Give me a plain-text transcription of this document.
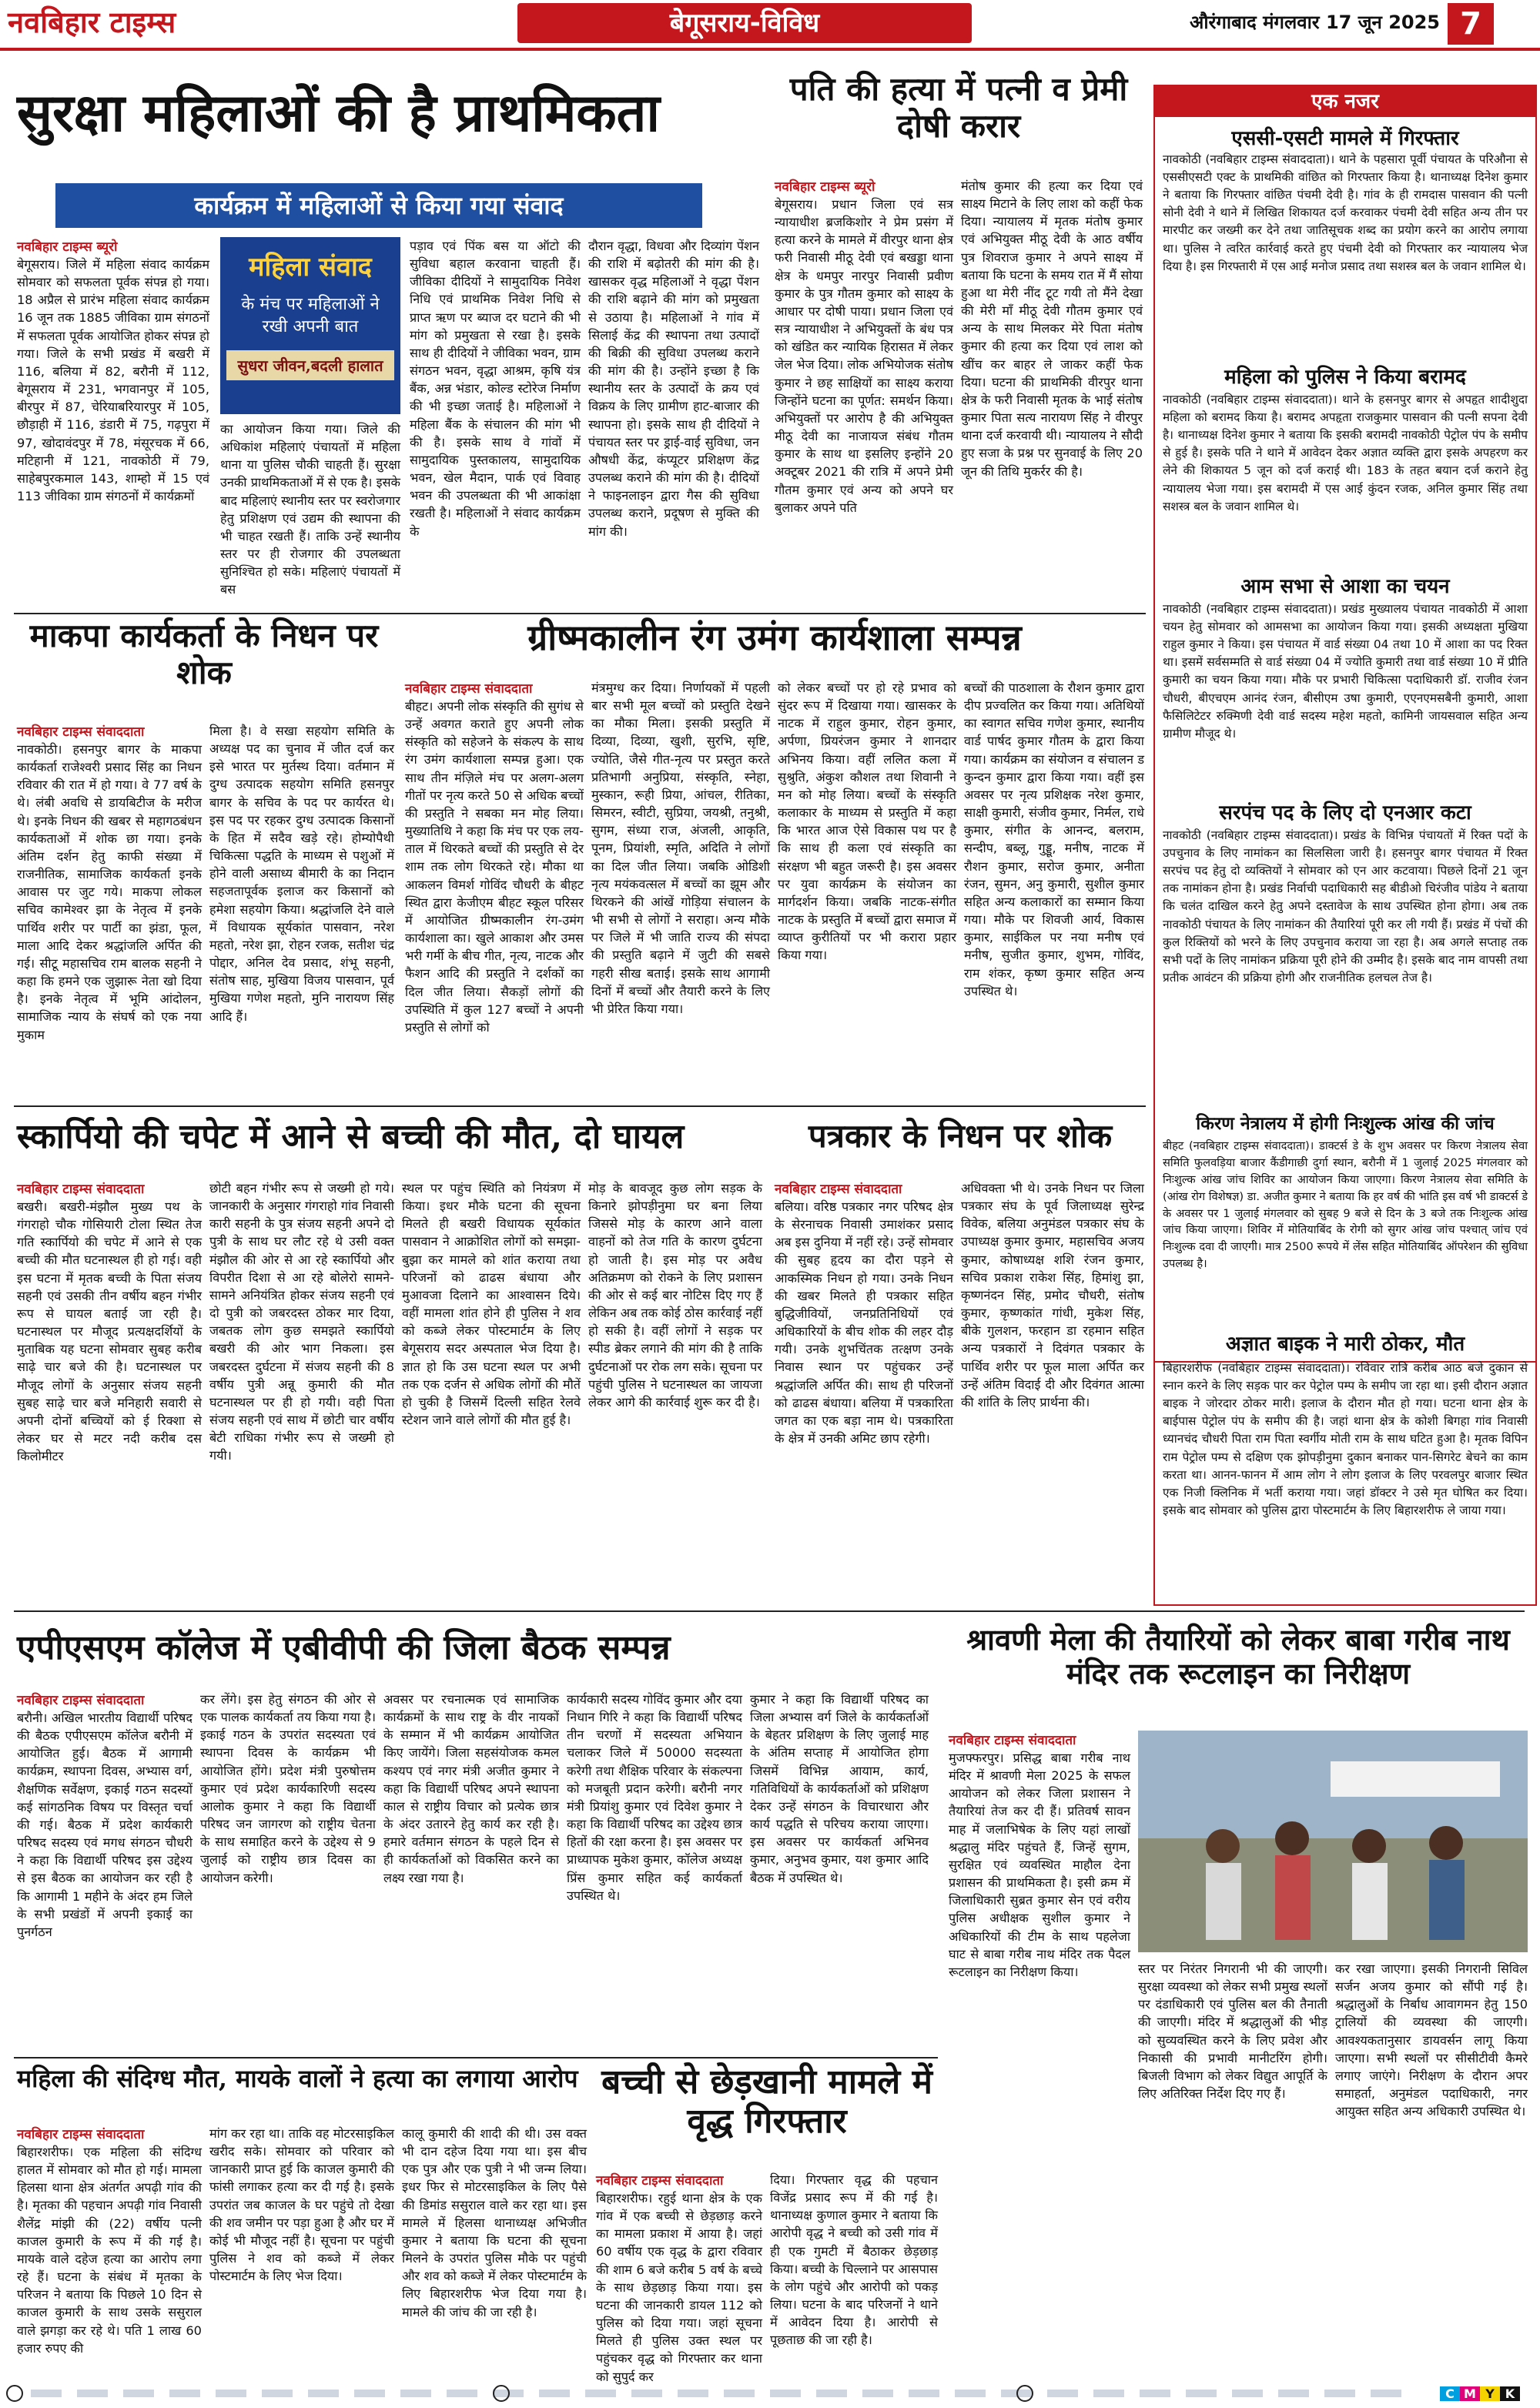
नवबिहार टाइम्स	बेगूसराय-विविध	औरंगाबाद मंगलवार 17 जून 2025 7
सुरक्षा महिलाओं की है प्राथमिकता
कार्यक्रम में महिलाओं से किया गया संवाद
नवबिहार टाइम्स ब्यूरो
बेगूसराय। जिले में महिला संवाद कार्यक्रम सोमवार को सफलता पूर्वक संपन्न हो गया। 18 अप्रैल से प्रारंभ महिला संवाद कार्यक्रम 16 जून तक 1885 जीविका ग्राम संगठनों में सफलता पूर्वक आयोजित होकर संपन्न हो गया। जिले के सभी प्रखंड में बखरी में 116, बलिया में 82, बरौनी में 112, बेगूसराय में 231, भगवानपुर में 105, बीरपुर में 87, चेरियाबरियारपुर में 105, छौड़ाही में 116, डंडारी में 75, गढ़पुरा में 97, खोदावंदपुर में 78, मंसूरचक में 66, मटिहानी में 121, नावकोठी में 79, साहेबपुरकमाल 143, शाम्हो में 15 एवं 113 जीविका ग्राम संगठनों में कार्यक्रमों
महिला संवाद
के मंच पर महिलाओं ने रखी अपनी बात
सुधरा जीवन,बदली हालात
का आयोजन किया गया। जिले की अधिकांश महिलाएं पंचायतों में महिला थाना या पुलिस चौकी चाहती हैं। सुरक्षा उनकी प्राथमिकताओं में से एक है। इसके बाद महिलाएं स्थानीय स्तर पर स्वरोजगार हेतु प्रशिक्षण एवं उद्यम की स्थापना की भी चाहत रखती हैं। ताकि उन्हें स्थानीय स्तर पर ही रोजगार की उपलब्धता सुनिश्चित हो सके। महिलाएं पंचायतों में बस
पड़ाव एवं पिंक बस या ऑटो की सुविधा बहाल करवाना चाहती हैं। जीविका दीदियों ने सामुदायिक निवेश निधि एवं प्राथमिक निवेश निधि से प्राप्त ऋण पर ब्याज दर घटाने की भी मांग को प्रमुखता से रखा है। इसके साथ ही दीदियों ने जीविका भवन, ग्राम संगठन भवन, वृद्धा आश्रम, कृषि यंत्र बैंक, अन्न भंडार, कोल्ड स्टोरेज निर्माण की भी इच्छा जताई है। महिलाओं ने महिला बैंक के संचालन की मांग भी की है। इसके साथ वे गांवों में सामुदायिक पुस्तकालय, सामुदायिक भवन, खेल मैदान, पार्क एवं विवाह भवन की उपलब्धता की भी आकांक्षा रखती है। महिलाओं ने संवाद कार्यक्रम के
दौरान वृद्धा, विधवा और दिव्यांग पेंशन की राशि में बढ़ोतरी की मांग की है। खासकर वृद्ध महिलाओं ने वृद्धा पेंशन की राशि बढ़ाने की मांग को प्रमुखता से उठाया है। महिलाओं ने गांव में सिलाई केंद्र की स्थापना तथा उत्पादों की बिक्री की सुविधा उपलब्ध कराने की मांग की है। उन्होंने इच्छा है कि स्थानीय स्तर के उत्पादों के क्रय एवं विक्रय के लिए ग्रामीण हाट-बाजार की स्थापना हो। इसके साथ ही दीदियों ने पंचायत स्तर पर ड्राई-वाई सुविधा, जन औषधी केंद्र, कंप्यूटर प्रशिक्षण केंद्र उपलब्ध कराने की मांग की है। दीदियों ने फाइनलाइन द्वारा गैस की सुविधा उपलब्ध कराने, प्रदूषण से मुक्ति की मांग की।
पति की हत्या में पत्नी व प्रेमी दोषी करार
नवबिहार टाइम्स ब्यूरो
बेगूसराय। प्रधान जिला एवं सत्र न्यायाधीश ब्रजकिशोर ने प्रेम प्रसंग में हत्या करने के मामले में वीरपुर थाना क्षेत्र फरी निवासी मीठू देवी एवं बखड्डा थाना क्षेत्र के धमपुर नारपुर निवासी प्रवीण कुमार के पुत्र गौतम कुमार को साक्ष्य के आधार पर दोषी पाया। प्रधान जिला एवं सत्र न्यायाधीश ने अभियुक्तों के बंध पत्र को खंडित कर न्यायिक हिरासत में लेकर जेल भेज दिया। लोक अभियोजक संतोष कुमार ने छह साक्षियों का साक्ष्य कराया जिन्होंने घटना का पूर्णत: समर्थन किया। अभियुक्तों पर आरोप है की अभियुक्त मीठू देवी का नाजायज संबंध गौतम कुमार के साथ था इसलिए इन्होंने 20 अक्टूबर 2021 की रात्रि में अपने प्रेमी गौतम कुमार एवं अन्य को अपने घर बुलाकर अपने पति
मंतोष कुमार की हत्या कर दिया एवं साक्ष्य मिटाने के लिए लाश को कहीं फेक दिया। न्यायालय में मृतक मंतोष कुमार एवं अभियुक्त मीठू देवी के आठ वर्षीय पुत्र शिवराज कुमार ने अपने साक्ष्य में बताया कि घटना के समय रात में मैं सोया हुआ था मेरी नींद टूट गयी तो मैंने देखा की मेरी माँ मीठू देवी गौतम कुमार एवं अन्य के साथ मिलकर मेरे पिता मंतोष कुमार की हत्या कर दिया एवं लाश को खींच कर बाहर ले जाकर कहीं फेक दिया। घटना की प्राथमिकी वीरपुर थाना क्षेत्र के फरी निवासी मृतक के भाई संतोष कुमार पिता सत्य नारायण सिंह ने वीरपुर थाना दर्ज करवायी थी। न्यायालय ने सौदी हुए सजा के प्रश्न पर सुनवाई के लिए 20 जून की तिथि मुकर्रर की है।
एक नजर
एससी-एसटी मामले में गिरफ्तार
नावकोठी (नवबिहार टाइम्स संवाददाता)। थाने के पहसारा पूर्वी पंचायत के परिऔना से एससीएसटी एक्ट के प्राथमिकी वांछित को गिरफ्तार किया है। थानाध्यक्ष दिनेश कुमार ने बताया कि गिरफ्तार वांछित पंचमी देवी है। गांव के ही रामदास पासवान की पत्नी सोनी देवी ने थाने में लिखित शिकायत दर्ज करवाकर पंचमी देवी सहित अन्य तीन पर मारपीट कर जख्मी कर देने तथा जातिसूचक शब्द का प्रयोग करने का आरोप लगाया था। पुलिस ने त्वरित कार्रवाई करते हुए पंचमी देवी को गिरफ्तार कर न्यायालय भेज दिया है। इस गिरफ्तारी में एस आई मनोज प्रसाद तथा सशस्त्र बल के जवान शामिल थे।
महिला को पुलिस ने किया बरामद
नावकोठी (नवबिहार टाइम्स संवाददाता)। थाने के हसनपुर बागर से अपहृत शादीशुदा महिला को बरामद किया है। बरामद अपहृता राजकुमार पासवान की पत्नी सपना देवी है। थानाध्यक्ष दिनेश कुमार ने बताया कि इसकी बरामदी नावकोठी पेट्रोल पंप के समीप से हुई है। इसके पति ने थाने में आवेदन देकर अज्ञात व्यक्ति द्वारा इसके अपहरण कर लेने की शिकायत 5 जून को दर्ज कराई थी। 183 के तहत बयान दर्ज कराने हेतु न्यायालय भेजा गया। इस बरामदी में एस आई कुंदन रजक, अनिल कुमार सिंह तथा सशस्त्र बल के जवान शामिल थे।
आम सभा से आशा का चयन
नावकोठी (नवबिहार टाइम्स संवाददाता)। प्रखंड मुख्यालय पंचायत नावकोठी में आशा चयन हेतु सोमवार को आमसभा का आयोजन किया गया। इसकी अध्यक्षता मुखिया राहुल कुमार ने किया। इस पंचायत में वार्ड संख्या 04 तथा 10 में आशा का पद रिक्त था। इसमें सर्वसम्मति से वार्ड संख्या 04 में ज्योति कुमारी तथा वार्ड संख्या 10 में प्रीति कुमारी का चयन किया गया। मौके पर प्रभारी चिकित्सा पदाधिकारी डॉ. राजीव रंजन चौधरी, बीएचएम आनंद रंजन, बीसीएम उषा कुमारी, एएनएमसबैनी कुमारी, आशा फैसिलिटेटर रुक्मिणी देवी वार्ड सदस्य महेश महतो, कामिनी जायसवाल सहित अन्य ग्रामीण मौजूद थे।
सरपंच पद के लिए दो एनआर कटा
नावकोठी (नवबिहार टाइम्स संवाददाता)। प्रखंड के विभिन्न पंचायतों में रिक्त पदों के उपचुनाव के लिए नामांकन का सिलसिला जारी है। हसनपुर बागर पंचायत में रिक्त सरपंच पद हेतु दो व्यक्तियों ने सोमवार को एन आर कटवाया। पिछले दिनों 21 जून तक नामांकन होना है। प्रखंड निर्वाची पदाधिकारी सह बीडीओ चिरंजीव पांडेय ने बताया कि चलंत दाखिल करने हेतु अपने दस्तावेज के साथ उपस्थित होना होगा। अब तक नावकोठी पंचायत के लिए नामांकन की तैयारियां पूरी कर ली गयी हैं। प्रखंड में पंचों की कुल रिक्तियों को भरने के लिए उपचुनाव कराया जा रहा है। अब अगले सप्ताह तक सभी पदों के लिए नामांकन प्रक्रिया पूरी होने की उम्मीद है। इसके बाद नाम वापसी तथा प्रतीक आवंटन की प्रक्रिया होगी और राजनीतिक हलचल तेज है।
किरण नेत्रालय में होगी निःशुल्क आंख की जांच
बीहट (नवबिहार टाइम्स संवाददाता)। डाक्टर्स डे के शुभ अवसर पर किरण नेत्रालय सेवा समिति फुलवड़िया बाजार कैंडीगाछी दुर्गा स्थान, बरौनी में 1 जुलाई 2025 मंगलवार को निःशुल्क आंख जांच शिविर का आयोजन किया जाएगा। किरण नेत्रालय सेवा समिति के (आंख रोग विशेषज्ञ) डा. अजीत कुमार ने बताया कि हर वर्ष की भांति इस वर्ष भी डाक्टर्स डे के अवसर पर 1 जुलाई मंगलवार को सुबह 9 बजे से दिन के 3 बजे तक निःशुल्क आंख जांच किया जाएगा। शिविर में मोतियाबिंद के रोगी को सुगर आंख जांच पश्चात् जांच एवं निःशुल्क दवा दी जाएगी। मात्र 2500 रूपये में लेंस सहित मोतियाबिंद ऑपरेशन की सुविधा उपलब्ध है।
अज्ञात बाइक ने मारी ठोकर, मौत
माकपा कार्यकर्ता के निधन पर शोक
नवबिहार टाइम्स संवाददाता
नावकोठी। हसनपुर बागर के माकपा कार्यकर्ता राजेश्वरी प्रसाद सिंह का निधन रविवार की रात में हो गया। वे 77 वर्ष के थे। लंबी अवधि से डायबिटीज के मरीज थे। इनके निधन की खबर से महागठबंधन कार्यकताओं में शोक छा गया। इनके अंतिम दर्शन हेतु काफी संख्या में राजनीतिक, सामाजिक कार्यकर्ता इनके आवास पर जुट गये। माकपा लोकल सचिव कामेश्वर झा के नेतृत्व में इनके पार्थिव शरीर पर पार्टी का झंडा, फूल, माला आदि देकर श्रद्धांजलि अर्पित की गई। सीटू महासचिव राम बालक सहनी ने कहा कि हमने एक जुझारू नेता खो दिया है। इनके नेतृत्व में भूमि आंदोलन, सामाजिक न्याय के संघर्ष को एक नया मुकाम
मिला है। वे सखा सहयोग समिति के अध्यक्ष पद का चुनाव में जीत दर्ज कर इसे भारत पर मुर्तस्थ दिया। वर्तमान में दुग्ध उत्पादक सहयोग समिति हसनपुर बागर के सचिव के पद पर कार्यरत थे। इस पद पर रहकर दुग्ध उत्पादक किसानों के हित में सदैव खड़े रहे। होम्योपैथी चिकित्सा पद्धति के माध्यम से पशुओं में होने वाली असाध्य बीमारी के का निदान सहजतापूर्वक इलाज कर किसानों को हमेशा सहयोग किया। श्रद्धांजलि देने वाले में विधायक सूर्यकांत पासवान, नरेश महतो, नरेश झा, रोहन रजक, सतीश चंद्र पोद्दार, अनिल देव प्रसाद, शंभू सहनी, संतोष साह, मुखिया विजय पासवान, पूर्व मुखिया गणेश महतो, मुनि नारायण सिंह आदि हैं।
ग्रीष्मकालीन रंग उमंग कार्यशाला सम्पन्न
नवबिहार टाइम्स संवाददाता
बीहट। अपनी लोक संस्कृति की सुगंध से उन्हें अवगत कराते हुए अपनी लोक संस्कृति को सहेजने के संकल्प के साथ रंग उमंग कार्यशाला सम्पन्न हुआ। एक साथ तीन मंज़िले मंच पर अलग-अलग गीतों पर नृत्य करते 50 से अधिक बच्चों की प्रस्तुति ने सबका मन मोह लिया। मुख्यातिथि ने कहा कि मंच पर एक लय-ताल में थिरकते बच्चों की प्रस्तुति से देर शाम तक लोग थिरकते रहे। मौका था आकलन विमर्श गोविंद चौधरी के बीहट स्थित द्वारा केजीएम बीहट स्कूल परिसर में आयोजित ग्रीष्मकालीन रंग-उमंग कार्यशाला का। खुले आकाश और उमस भरी गर्मी के बीच गीत, नृत्य, नाटक और फैशन आदि की प्रस्तुति ने दर्शकों का दिल जीत लिया। सैकड़ों लोगों की उपस्थिति में कुल 127 बच्चों ने अपनी प्रस्तुति से लोगों को
मंत्रमुग्ध कर दिया। निर्णायकों में पहली बार सभी मूल बच्चों को प्रस्तुति देखने का मौका मिला। इसकी प्रस्तुति में दिव्या, दिव्या, खुशी, सुरभि, सृष्टि, ज्योति, जैसे गीत-नृत्य पर प्रस्तुत करते प्रतिभागी अनुप्रिया, संस्कृति, स्नेहा, मुस्कान, रूही प्रिया, आंचल, रीतिका, सिमरन, स्वीटी, सुप्रिया, जयश्री, तनुश्री, सुगम, संध्या राज, अंजली, आकृति, पूनम, प्रियांशी, स्मृति, अदिति ने लोगों का दिल जीत लिया। जबकि ओडिशी नृत्य मयंकवत्सल में बच्चों का झूम और थिरकने की आंखें गोड़िया संचालन के भी सभी से लोगों ने सराहा। अन्य मौके पर जिले में भी जाति राज्य की संपदा की प्रस्तुति बढ़ाने में जुटी की सबसे गहरी सीख बताई। इसके साथ आगामी दिनों में बच्चों और तैयारी करने के लिए भी प्रेरित किया गया।
को लेकर बच्चों पर हो रहे प्रभाव को सुंदर रूप में दिखाया गया। खासकर के नाटक में राहुल कुमार, रोहन कुमार, अर्पणा, प्रियरंजन कुमार ने शानदार अभिनय किया। वहीं ललित कला में सुश्रुति, अंकुश कौशल तथा शिवानी ने मन को मोह लिया। बच्चों के संस्कृति कलाकार के माध्यम से प्रस्तुति में कहा कि भारत आज ऐसे विकास पथ पर है कि साथ ही कला एवं संस्कृति का संरक्षण भी बहुत जरूरी है। इस अवसर पर युवा कार्यक्रम के संयोजन का मार्गदर्शन किया। जबकि नाटक-संगीत नाटक के प्रस्तुति में बच्चों द्वारा समाज में व्याप्त कुरीतियों पर भी करारा प्रहार किया गया।
बच्चों की पाठशाला के रौशन कुमार द्वारा दीप प्रज्वलित कर किया गया। अतिथियों का स्वागत सचिव गणेश कुमार, स्थानीय वार्ड पार्षद कुमार गौतम के द्वारा किया गया। कार्यक्रम का संयोजन व संचालन ड कुन्दन कुमार द्वारा किया गया। वहीं इस अवसर पर नृत्य प्रशिक्षक नरेश कुमार, साक्षी कुमारी, संजीव कुमार, निर्मल, राधे कुमार, संगीत के आनन्द, बलराम, सन्दीप, बब्लू, गुड्डू, मनीष, नाटक में रौशन कुमार, सरोज कुमार, अनीता रंजन, सुमन, अनु कुमारी, सुशील कुमार सहित अन्य कलाकारों का सम्मान किया गया। मौके पर शिवजी आर्य, विकास कुमार, साईकिल पर नया मनीष एवं मनीष, सुजीत कुमार, शुभम, गोविंद, राम शंकर, कृष्ण कुमार सहित अन्य उपस्थित थे।
स्कार्पियो की चपेट में आने से बच्ची की मौत, दो घायल
नवबिहार टाइम्स संवाददाता
बखरी। बखरी-मंझौल मुख्य पथ के गंगराहो चौक गोसियारी टोला स्थित तेज गति स्कार्पियो की चपेट में आने से एक बच्ची की मौत घटनास्थल ही हो गई। वही इस घटना में मृतक बच्ची के पिता संजय सहनी एवं उसकी तीन वर्षीय बहन गंभीर रूप से घायल बताई जा रही है। घटनास्थल पर मौजूद प्रत्यक्षदर्शियों के मुताबिक यह घटना सोमवार सुबह करीब साढ़े चार बजे की है। घटनास्थल पर मौजूद लोगों के अनुसार संजय सहनी सुबह साढ़े चार बजे मनिहारी सवारी से अपनी दोनों बच्चियों को ई रिक्शा से लेकर घर से मटर नदी करीब दस किलोमीटर
छोटी बहन गंभीर रूप से जख्मी हो गये। जानकारी के अनुसार गंगराहो गांव निवासी कारी सहनी के पुत्र संजय सहनी अपने दो पुत्री के साथ घर लौट रहे थे उसी वक्त मंझौल की ओर से आ रहे स्कार्पियो और विपरीत दिशा से आ रहे बोलेरो सामने-सामने अनियंत्रित होकर संजय सहनी एवं दो पुत्री को जबरदस्त ठोकर मार दिया, जबतक लोग कुछ समझते स्कार्पियो बखरी की ओर भाग निकला। इस जबरदस्त दुर्घटना में संजय सहनी की 8 वर्षीय पुत्री अन्नू कुमारी की मौत घटनास्थल पर ही हो गयी। वही पिता संजय सहनी एवं साथ में छोटी चार वर्षीय बेटी राधिका गंभीर रूप से जख्मी हो गयी।
स्थल पर पहुंच स्थिति को नियंत्रण में किया। इधर मौके घटना की सूचना मिलते ही बखरी विधायक सूर्यकांत पासवान ने आक्रोशित लोगों को समझा-बुझा कर मामले को शांत कराया तथा परिजनों को ढाढस बंधाया और मुआवजा दिलाने का आश्वासन दिये। वहीं मामला शांत होने ही पुलिस ने शव को कब्जे लेकर पोस्टमार्टम के लिए बेगूसराय सदर अस्पताल भेज दिया है। ज्ञात हो कि उस घटना स्थल पर अभी तक एक दर्जन से अधिक लोगों की मौतें हो चुकी है जिसमें दिल्ली सहित रेलवे स्टेशन जाने वाले लोगों की मौत हुई है।
मोड़ के बावजूद कुछ लोग सड़क के किनारे झोपड़ीनुमा घर बना लिया जिससे मोड़ के कारण आने वाला वाहनों को तेज गति के कारण दुर्घटना हो जाती है। इस मोड़ पर अवैध अतिक्रमण को रोकने के लिए प्रशासन की ओर से कई बार नोटिस दिए गए हैं लेकिन अब तक कोई ठोस कार्रवाई नहीं हो सकी है। वहीं लोगों ने सड़क पर स्पीड ब्रेकर लगाने की मांग की है ताकि दुर्घटनाओं पर रोक लग सके। सूचना पर पहुंची पुलिस ने घटनास्थल का जायजा लेकर आगे की कार्रवाई शुरू कर दी है।
पत्रकार के निधन पर शोक
नवबिहार टाइम्स संवाददाता
बलिया। वरिष्ठ पत्रकार नगर परिषद क्षेत्र के सेरनाचक निवासी उमाशंकर प्रसाद अब इस दुनिया में नहीं रहे। उन्हें सोमवार की सुबह हृदय का दौरा पड़ने से आकस्मिक निधन हो गया। उनके निधन की खबर मिलते ही पत्रकार सहित बुद्धिजीवियों, जनप्रतिनिधियों एवं अधिकारियों के बीच शोक की लहर दौड़ गयी। उनके शुभचिंतक तत्क्षण उनके निवास स्थान पर पहुंचकर उन्हें श्रद्धांजलि अर्पित की। साथ ही परिजनों को ढाढस बंधाया। बलिया में पत्रकारिता जगत का एक बड़ा नाम थे। पत्रकारिता के क्षेत्र में उनकी अमिट छाप रहेगी।
अधिवक्ता भी थे। उनके निधन पर जिला पत्रकार संघ के पूर्व जिलाध्यक्ष सुरेन्द्र विवेक, बलिया अनुमंडल पत्रकार संघ के उपाध्यक्ष कुमार कुमार, महासचिव अजय कुमार, कोषाध्यक्ष शशि रंजन कुमार, सचिव प्रकाश राकेश सिंह, हिमांशु झा, कृष्णनंदन सिंह, प्रमोद चौधरी, संतोष कुमार, कृष्णकांत गांधी, मुकेश सिंह, बीके गुलशन, फरहान डा रहमान सहित अन्य पत्रकारों ने दिवंगत पत्रकार के पार्थिव शरीर पर फूल माला अर्पित कर उन्हें अंतिम विदाई दी और दिवंगत आत्मा की शांति के लिए प्रार्थना की।
एपीएसएम कॉलेज में एबीवीपी की जिला बैठक सम्पन्न
नवबिहार टाइम्स संवाददाता
बरौनी। अखिल भारतीय विद्यार्थी परिषद की बैठक एपीएसएम कॉलेज बरौनी में आयोजित हुई। बैठक में आगामी कार्यक्रम, स्थापना दिवस, अभ्यास वर्ग, शैक्षणिक सर्वेक्षण, इकाई गठन सदस्यों कई सांगठनिक विषय पर विस्तृत चर्चा की गई। बैठक में प्रदेश कार्यकारी परिषद सदस्य एवं मगध संगठन चौधरी ने कहा कि विद्यार्थी परिषद इस उद्देश्य से इस बैठक का आयोजन कर रही है कि आगामी 1 महीने के अंदर हम जिले के सभी प्रखंडों में अपनी इकाई का पुनर्गठन
कर लेंगे। इस हेतु संगठन की ओर से एक पालक कार्यकर्ता तय किया गया है। इकाई गठन के उपरांत सदस्यता एवं स्थापना दिवस के कार्यक्रम भी आयोजित होंगे। प्रदेश मंत्री पुरुषोत्तम कुमार एवं प्रदेश कार्यकारिणी सदस्य आलोक कुमार ने कहा कि विद्यार्थी परिषद जन जागरण को राष्ट्रीय चेतना के साथ समाहित करने के उद्देश्य से 9 जुलाई को राष्ट्रीय छात्र दिवस का आयोजन करेगी।
अवसर पर रचनात्मक एवं सामाजिक कार्यक्रमों के साथ राष्ट्र के वीर नायकों के सम्मान में भी कार्यक्रम आयोजित किए जायेंगे। जिला सहसंयोजक कमल कश्यप एवं नगर मंत्री अजीत कुमार ने कहा कि विद्यार्थी परिषद अपने स्थापना काल से राष्ट्रीय विचार को प्रत्येक छात्र के अंदर उतारने हेतु कार्य कर रही है। हमारे वर्तमान संगठन के पहले दिन से ही कार्यकर्ताओं को विकसित करने का लक्ष्य रखा गया है।
कार्यकारी सदस्य गोविंद कुमार और दया निधान गिरि ने कहा कि विद्यार्थी परिषद तीन चरणों में सदस्यता अभियान चलाकर जिले में 50000 सदस्यता करेगी तथा शैक्षिक परिवार के संकल्पना को मजबूती प्रदान करेगी। बरौनी नगर मंत्री प्रियांशु कुमार एवं दिवेश कुमार ने कहा कि विद्यार्थी परिषद का उद्देश्य छात्र हितों की रक्षा करना है। इस अवसर पर प्राध्यापक मुकेश कुमार, कॉलेज अध्यक्ष प्रिंस कुमार सहित कई कार्यकर्ता उपस्थित थे।
कुमार ने कहा कि विद्यार्थी परिषद का जिला अभ्यास वर्ग जिले के कार्यकर्ताओं के बेहतर प्रशिक्षण के लिए जुलाई माह के अंतिम सप्ताह में आयोजित होगा जिसमें विभिन्न आयाम, कार्य, गतिविधियों के कार्यकर्ताओं को प्रशिक्षण देकर उन्हें संगठन के विचारधारा और कार्य पद्धति से परिचय कराया जाएगा। इस अवसर पर कार्यकर्ता अभिनव कुमार, अनुभव कुमार, यश कुमार आदि बैठक में उपस्थित थे।
श्रावणी मेला की तैयारियों को लेकर बाबा गरीब नाथ मंदिर तक रूटलाइन का निरीक्षण
नवबिहार टाइम्स संवाददाता
मुजफ्फरपुर। प्रसिद्ध बाबा गरीब नाथ मंदिर में श्रावणी मेला 2025 के सफल आयोजन को लेकर जिला प्रशासन ने तैयारियां तेज कर दी हैं। प्रतिवर्ष सावन माह में जलाभिषेक के लिए यहां लाखों श्रद्धालु मंदिर पहुंचते हैं, जिन्हें सुगम, सुरक्षित एवं व्यवस्थित माहौल देना प्रशासन की प्राथमिकता है। इसी क्रम में जिलाधिकारी सुब्रत कुमार सेन एवं वरीय पुलिस अधीक्षक सुशील कुमार ने अधिकारियों की टीम के साथ पहलेजा घाट से बाबा गरीब नाथ मंदिर तक पैदल रूटलाइन का निरीक्षण किया।	स्तर पर निरंतर निगरानी भी की जाएगी। सुरक्षा व्यवस्था को लेकर सभी प्रमुख स्थलों पर दंडाधिकारी एवं पुलिस बल की तैनाती की जाएगी। मंदिर में श्रद्धालुओं की भीड़ को सुव्यवस्थित करने के लिए प्रवेश और निकासी की प्रभावी मानीटरिंग होगी। बिजली विभाग को लेकर विद्युत आपूर्ति के लिए अतिरिक्त निर्देश दिए गए हैं।
कर रखा जाएगा। इसकी निगरानी सिविल सर्जन अजय कुमार को सौंपी गई है। श्रद्धालुओं के निर्बाध आवागमन हेतु 150 ट्रालियों की व्यवस्था की जाएगी। आवश्यकतानुसार डायवर्सन लागू किया जाएगा। सभी स्थलों पर सीसीटीवी कैमरे लगाए जाएंगे। निरीक्षण के दौरान अपर समाहर्ता, अनुमंडल पदाधिकारी, नगर आयुक्त सहित अन्य अधिकारी उपस्थित थे।
महिला की संदिग्ध मौत, मायके वालों ने हत्या का लगाया आरोप
नवबिहार टाइम्स संवाददाता
बिहारशरीफ। एक महिला की संदिग्ध हालत में सोमवार को मौत हो गई। मामला हिलसा थाना क्षेत्र अंतर्गत अपढ़ी गांव की है। मृतका की पहचान अपढ़ी गांव निवासी शैलेंद्र मांझी की (22) वर्षीय पत्नी काजल कुमारी के रूप में की गई है। मायके वाले दहेज हत्या का आरोप लगा रहे हैं। घटना के संबंध में मृतका के परिजन ने बताया कि पिछले 10 दिन से काजल कुमारी के साथ उसके ससुराल वाले झगड़ा कर रहे थे। पति 1 लाख 60 हजार रुपए की
मांग कर रहा था। ताकि वह मोटरसाइकिल खरीद सके। सोमवार को परिवार को जानकारी प्राप्त हुई कि काजल कुमारी की फांसी लगाकर हत्या कर दी गई है। इसके उपरांत जब काजल के घर पहुंचे तो देखा की शव जमीन पर पड़ा हुआ है और घर में कोई भी मौजूद नहीं है। सूचना पर पहुंची पुलिस ने शव को कब्जे में लेकर पोस्टमार्टम के लिए भेज दिया।
कालू कुमारी की शादी की थी। उस वक्त भी दान दहेज दिया गया था। इस बीच एक पुत्र और एक पुत्री ने भी जन्म लिया। इधर फिर से मोटरसाइकिल के लिए पैसे की डिमांड ससुराल वाले कर रहा था। इस मामले में हिलसा थानाध्यक्ष अभिजीत कुमार ने बताया कि घटना की सूचना मिलने के उपरांत पुलिस मौके पर पहुंची और शव को कब्जे में लेकर पोस्टमार्टम के लिए बिहारशरीफ भेज दिया गया है। मामले की जांच की जा रही है।
बच्ची से छेड़खानी मामले में वृद्ध गिरफ्तार
नवबिहार टाइम्स संवाददाता
बिहारशरीफ। रहुई थाना क्षेत्र के एक गांव में एक बच्ची से छेड़छाड़ करने का मामला प्रकाश में आया है। जहां 60 वर्षीय एक वृद्ध के द्वारा रविवार की शाम 6 बजे करीब 5 वर्ष के बच्चे के साथ छेड़छाड़ किया गया। इस घटना की जानकारी डायल 112 को पुलिस को दिया गया। जहां सूचना मिलते ही पुलिस उक्त स्थल पर पहुंचकर वृद्ध को गिरफ्तार कर थाना को सुपुर्द कर
दिया। गिरफ्तार वृद्ध की पहचान विजेंद्र प्रसाद रूप में की गई है। थानाध्यक्ष कुणाल कुमार ने बताया कि आरोपी वृद्ध ने बच्ची को उसी गांव में ही एक गुमटी में बैठाकर छेड़छाड़ किया। बच्ची के चिल्लाने पर आसपास के लोग पहुंचे और आरोपी को पकड़ लिया। घटना के बाद परिजनों ने थाने में आवेदन दिया है। आरोपी से पूछताछ की जा रही है।
C M Y K
बिहारशरीफ (नवबिहार टाइम्स संवाददाता)। रविवार रात्रि करीब आठ बजे दुकान से स्नान करने के लिए सड़क पार कर पेट्रोल पम्प के समीप जा रहा था। इसी दौरान अज्ञात बाइक ने जोरदार ठोकर मारी। इलाज के दौरान मौत हो गया। घटना थाना क्षेत्र के बाईपास पेट्रोल पंप के समीप की है। जहां थाना क्षेत्र के कोशी बिगहा गांव निवासी ध्यानचंद चौधरी पिता राम पिता स्वर्गीय मोती राम के साथ घटित हुआ है। मृतक विपिन राम पेट्रोल पम्प से दक्षिण एक झोपड़ीनुमा दुकान बनाकर पान-सिगरेट बेचने का काम करता था। आनन-फानन में आम लोग ने लोग इलाज के लिए परवलपुर बाजार स्थित एक निजी क्लिनिक में भर्ती कराया गया। जहां डॉक्टर ने उसे मृत घोषित कर दिया। इसके बाद सोमवार को पुलिस द्वारा पोस्टमार्टम के लिए बिहारशरीफ ले जाया गया।
